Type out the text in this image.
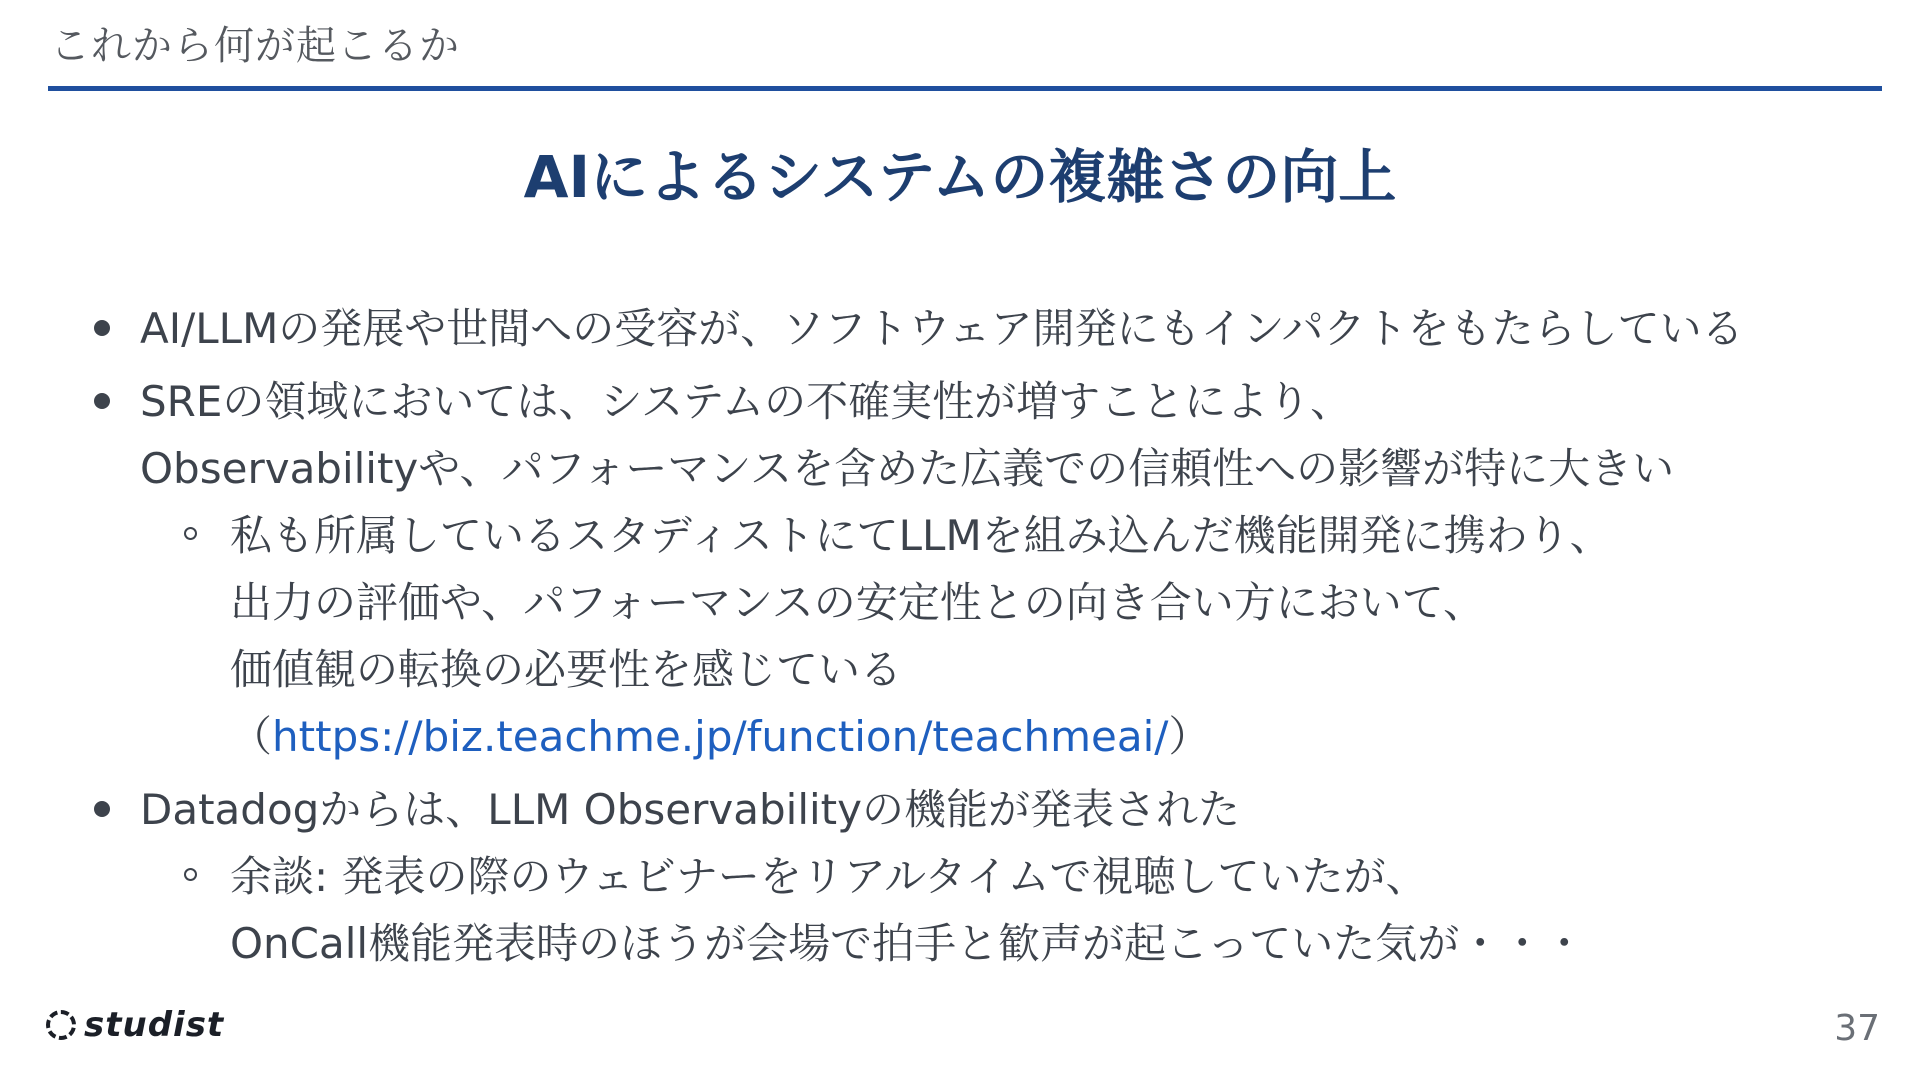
これから何が起こるか
AIによるシステムの複雑さの向上
AI/LLMの発展や世間への受容が、ソフトウェア開発にもインパクトをもたらしている
SREの領域においては、システムの不確実性が増すことにより、
Observabilityや、パフォーマンスを含めた広義での信頼性への影響が特に大きい
私も所属しているスタディストにてLLMを組み込んだ機能開発に携わり、
出力の評価や、パフォーマンスの安定性との向き合い方において、
価値観の転換の必要性を感じている
（https://biz.teachme.jp/function/teachmeai/）
Datadogからは、LLM Observabilityの機能が発表された
余談: 発表の際のウェビナーをリアルタイムで視聴していたが、
OnCall機能発表時のほうが会場で拍手と歓声が起こっていた気が・・・
studist	37
